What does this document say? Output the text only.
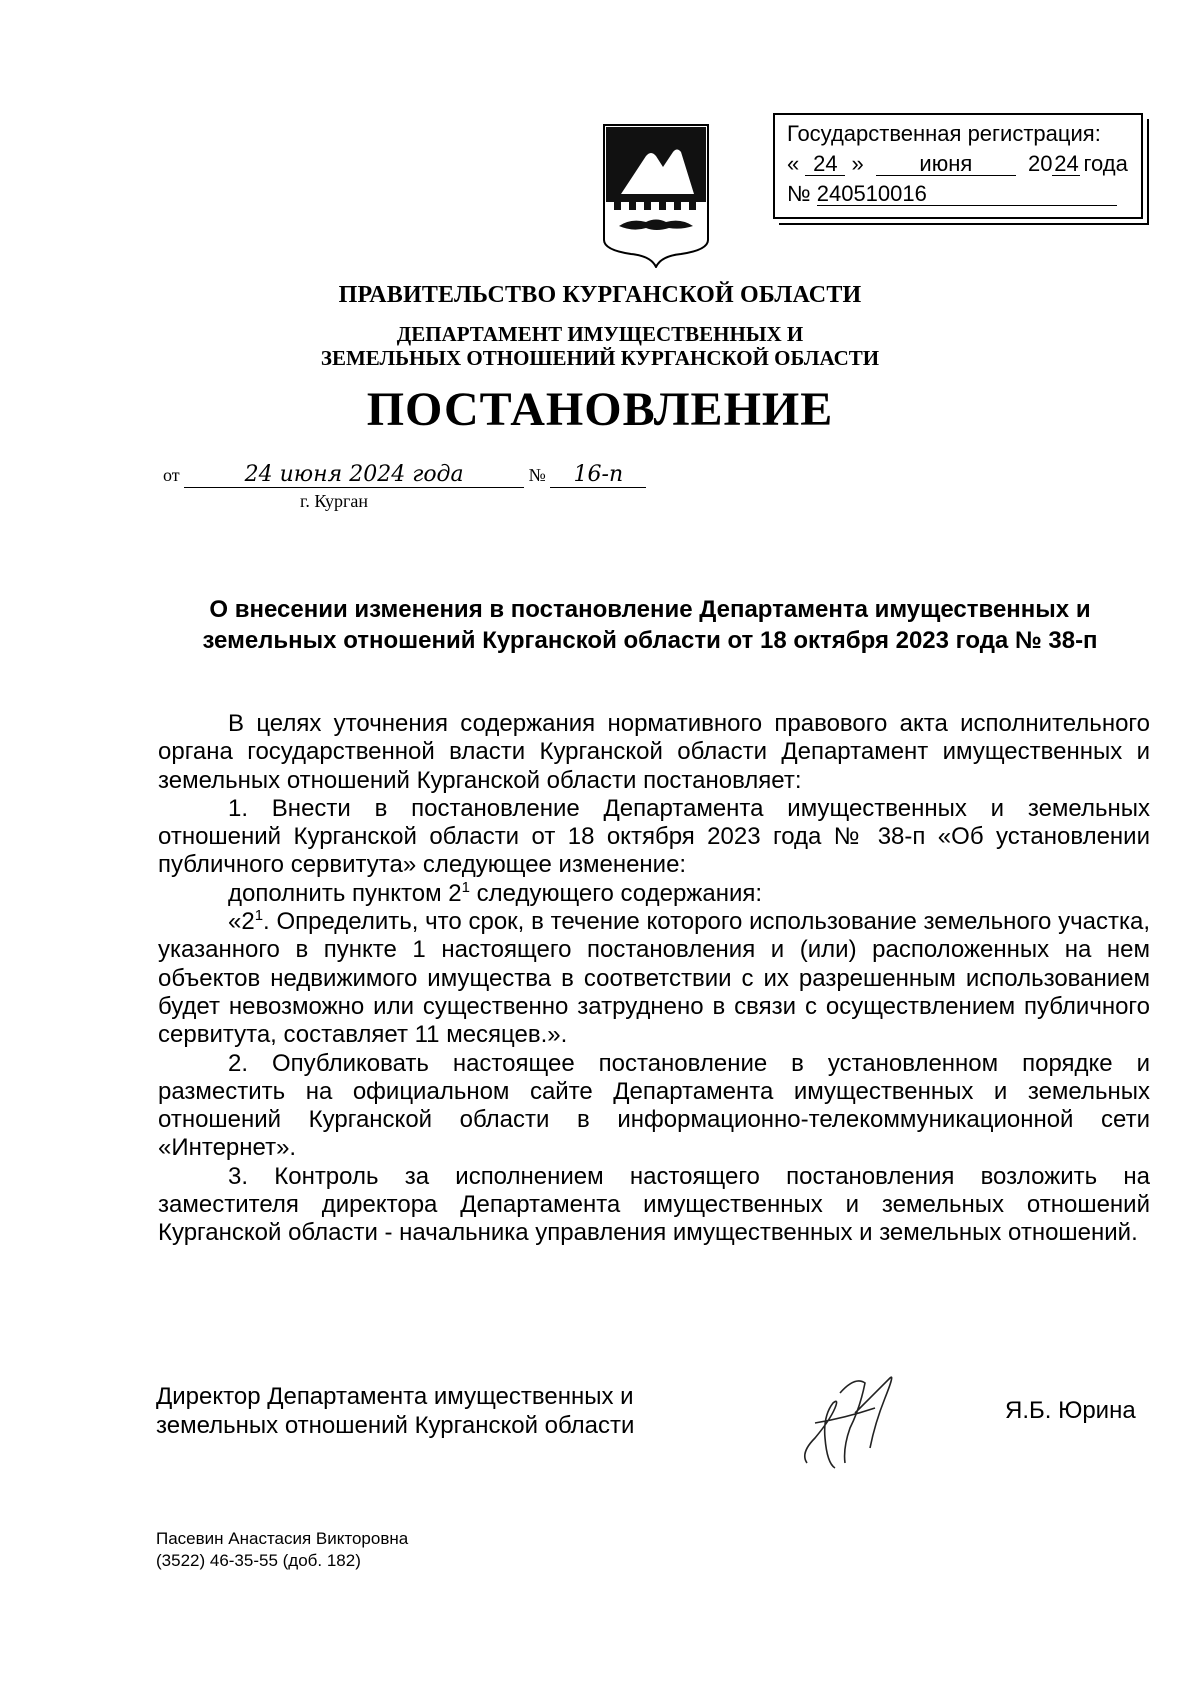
Государственная регистрация:
« 24 »	июня	2024 года
№ 240510016
ПРАВИТЕЛЬСТВО КУРГАНСКОЙ ОБЛАСТИ
ДЕПАРТАМЕНТ ИМУЩЕСТВЕННЫХ И
ЗЕМЕЛЬНЫХ ОТНОШЕНИЙ КУРГАНСКОЙ ОБЛАСТИ
ПОСТАНОВЛЕНИЕ
от	24 июня 2024 года	№ 16-п
г. Курган
О внесении изменения в постановление Департамента имущественных и земельных отношений Курганской области от 18 октября 2023 года № 38-п

В целях уточнения содержания нормативного правового акта исполнительного органа государственной власти Курганской области Департамент имущественных и земельных отношений Курганской области постановляет:

1. Внести в постановление Департамента имущественных и земельных отношений Курганской области от 18 октября 2023 года № 38-п «Об установлении публичного сервитута» следующее изменение:

дополнить пунктом $2^1$ следующего содержания:

«$2^1$. Определить, что срок, в течение которого использование земельного участка, указанного в пункте 1 настоящего постановления и (или) расположенных на нем объектов недвижимого имущества в соответствии с их разрешенным использованием будет невозможно или существенно затруднено в связи с осуществлением публичного сервитута, составляет 11 месяцев.».

2. Опубликовать настоящее постановление в установленном порядке и разместить на официальном сайте Департамента имущественных и земельных отношений Курганской области в информационно-телекоммуникационной сети «Интернет».

3. Контроль за исполнением настоящего постановления возложить на заместителя директора Департамента имущественных и земельных отношений Курганской области - начальника управления имущественных и земельных отношений.

Директор Департамента имущественных и
земельных отношений Курганской области
Я.Б. Юрина
Пасевин Анастасия Викторовна
(3522) 46-35-55 (доб. 182)
